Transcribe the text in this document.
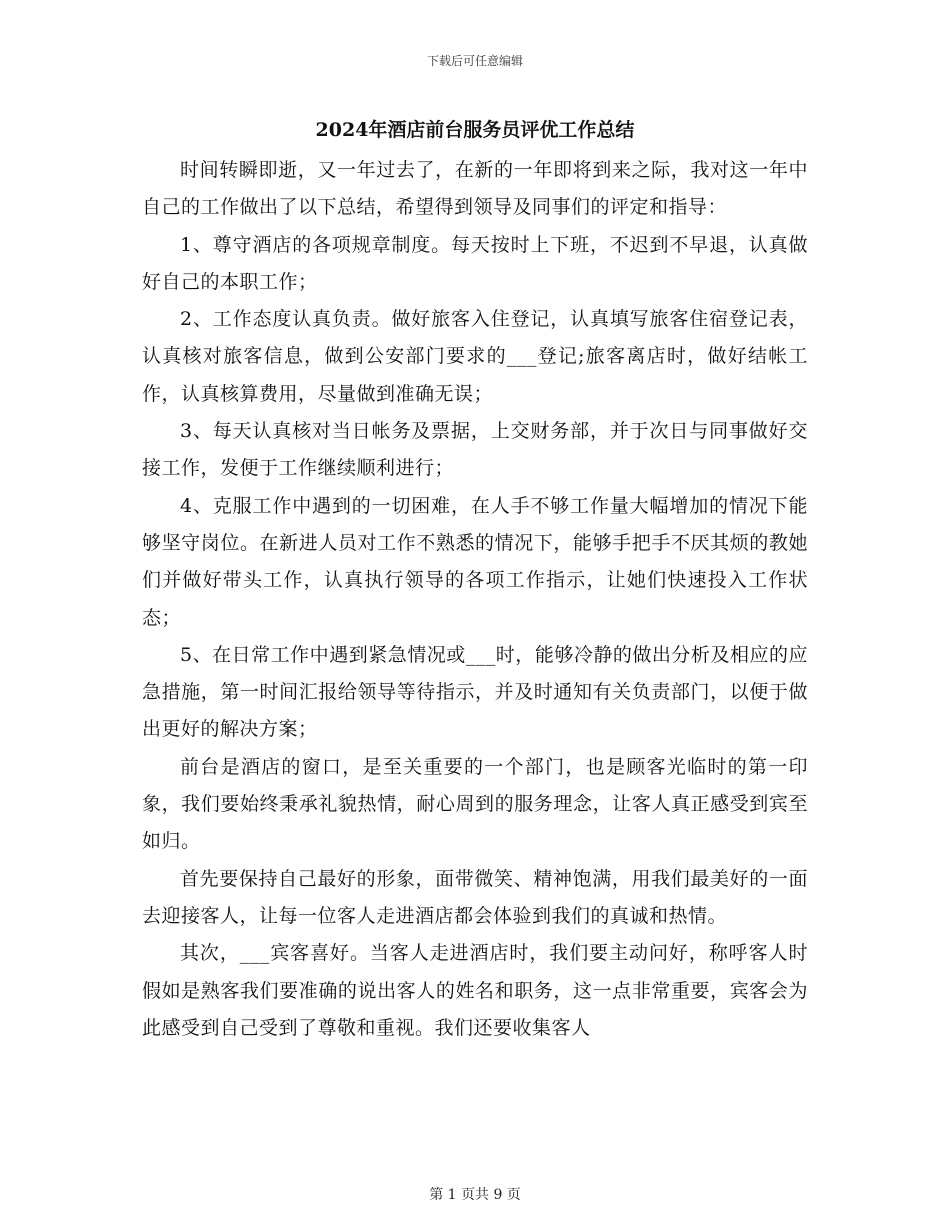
下载后可任意编辑
2024年酒店前台服务员评优工作总结

时间转瞬即逝，又一年过去了，在新的一年即将到来之际，我对这一年中自己的工作做出了以下总结，希望得到领导及同事们的评定和指导：

1、尊守酒店的各项规章制度。每天按时上下班，不迟到不早退，认真做好自己的本职工作；

2、工作态度认真负责。做好旅客入住登记，认真填写旅客住宿登记表，认真核对旅客信息，做到公安部门要求的___登记;旅客离店时，做好结帐工作，认真核算费用，尽量做到准确无误；

3、每天认真核对当日帐务及票据，上交财务部，并于次日与同事做好交接工作，发便于工作继续顺利进行；

4、克服工作中遇到的一切困难，在人手不够工作量大幅增加的情况下能够坚守岗位。在新进人员对工作不熟悉的情况下，能够手把手不厌其烦的教她们并做好带头工作，认真执行领导的各项工作指示，让她们快速投入工作状态；

5、在日常工作中遇到紧急情况或___时，能够冷静的做出分析及相应的应急措施，第一时间汇报给领导等待指示，并及时通知有关负责部门，以便于做出更好的解决方案；

前台是酒店的窗口，是至关重要的一个部门，也是顾客光临时的第一印象，我们要始终秉承礼貌热情，耐心周到的服务理念，让客人真正感受到宾至如归。

首先要保持自己最好的形象，面带微笑、精神饱满，用我们最美好的一面去迎接客人，让每一位客人走进酒店都会体验到我们的真诚和热情。

其次，___宾客喜好。当客人走进酒店时，我们要主动问好，称呼客人时假如是熟客我们要准确的说出客人的姓名和职务，这一点非常重要，宾客会为此感受到自己受到了尊敬和重视。我们还要收集客人

第 1 页共 9 页
